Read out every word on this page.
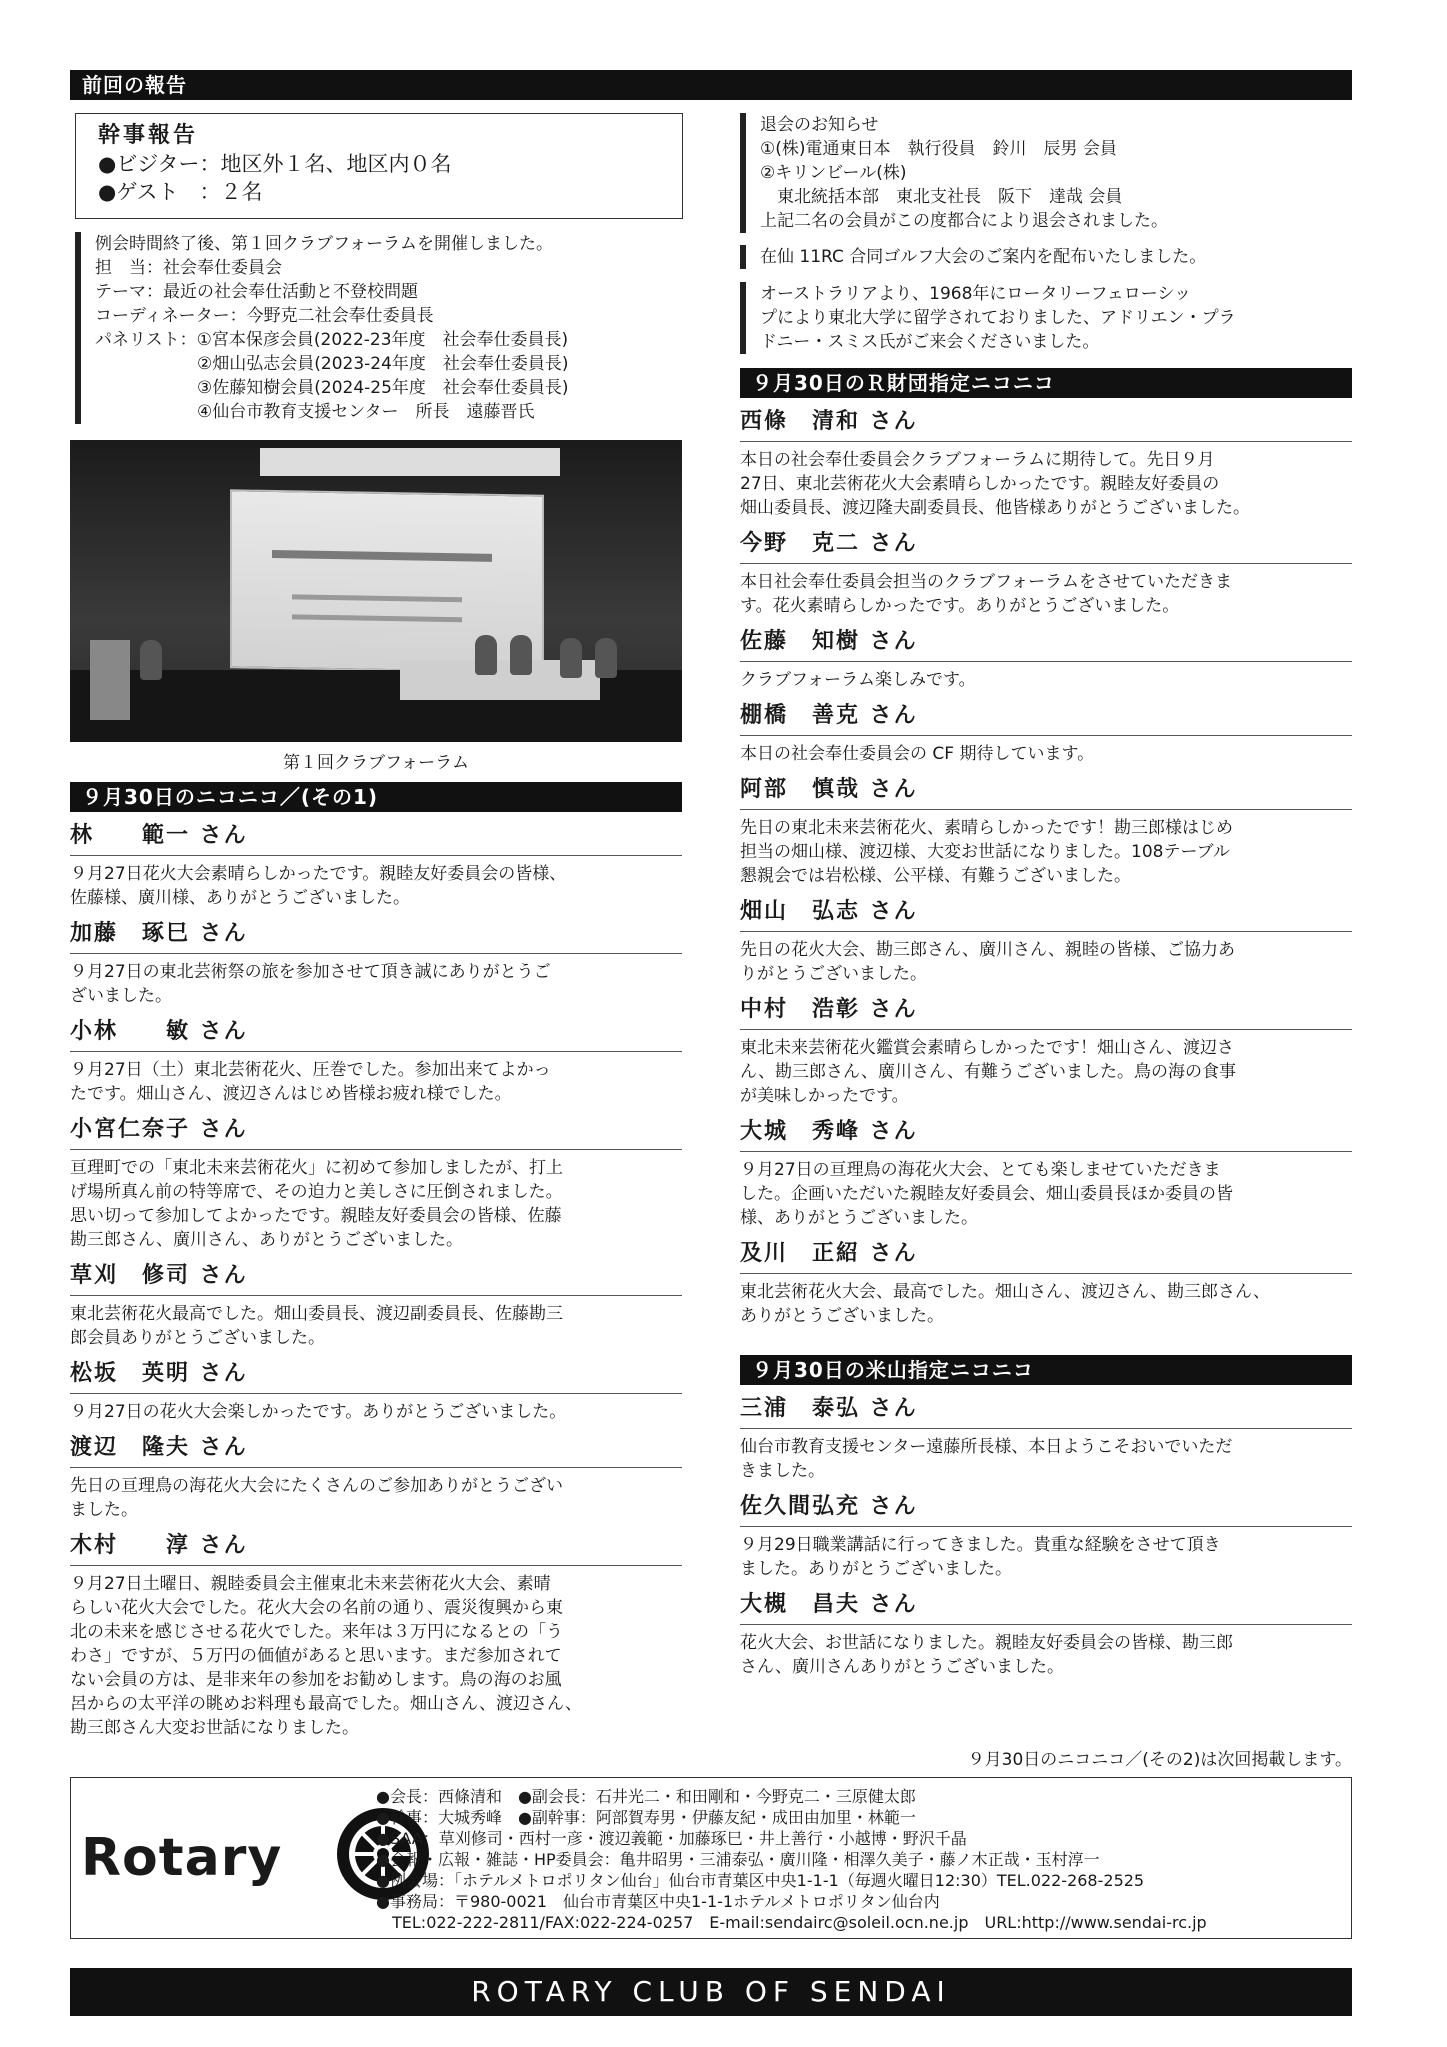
前回の報告
幹事報告
●ビジター：地区外１名、地区内０名
●ゲスト　：２名
例会時間終了後、第１回クラブフォーラムを開催しました。
担　当：社会奉仕委員会
テーマ：最近の社会奉仕活動と不登校問題
コーディネーター：今野克二社会奉仕委員長
パネリスト：①宮本保彦会員(2022-23年度　社会奉仕委員長)
　　　　　　②畑山弘志会員(2023-24年度　社会奉仕委員長)
　　　　　　③佐藤知樹会員(2024-25年度　社会奉仕委員長)
　　　　　　④仙台市教育支援センター　所長　遠藤晋氏
第１回クラブフォーラム
９月30日のニコニコ／(その1)
林　　範一 さん
９月27日花火大会素晴らしかったです。親睦友好委員会の皆様、
佐藤様、廣川様、ありがとうございました。
加藤　琢巳 さん
９月27日の東北芸術祭の旅を参加させて頂き誠にありがとうご
ざいました。
小林　　敏 さん
９月27日（土）東北芸術花火、圧巻でした。参加出来てよかっ
たです。畑山さん、渡辺さんはじめ皆様お疲れ様でした。
小宮仁奈子 さん
亘理町での「東北未来芸術花火」に初めて参加しましたが、打上
げ場所真ん前の特等席で、その迫力と美しさに圧倒されました。
思い切って参加してよかったです。親睦友好委員会の皆様、佐藤
勘三郎さん、廣川さん、ありがとうございました。
草刈　修司 さん
東北芸術花火最高でした。畑山委員長、渡辺副委員長、佐藤勘三
郎会員ありがとうございました。
松坂　英明 さん
９月27日の花火大会楽しかったです。ありがとうございました。
渡辺　隆夫 さん
先日の亘理鳥の海花火大会にたくさんのご参加ありがとうござい
ました。
木村　　淳 さん
９月27日土曜日、親睦委員会主催東北未来芸術花火大会、素晴
らしい花火大会でした。花火大会の名前の通り、震災復興から東
北の未来を感じさせる花火でした。来年は３万円になるとの「う
わさ」ですが、５万円の価値があると思います。まだ参加されて
ない会員の方は、是非来年の参加をお勧めします。鳥の海のお風
呂からの太平洋の眺めお料理も最高でした。畑山さん、渡辺さん、
勘三郎さん大変お世話になりました。
退会のお知らせ
①(株)電通東日本　執行役員　鈴川　辰男 会員
②キリンビール(株)
　東北統括本部　東北支社長　阪下　達哉 会員
上記二名の会員がこの度都合により退会されました。
在仙 11RC 合同ゴルフ大会のご案内を配布いたしました。
オーストラリアより、1968年にロータリーフェローシッ
プにより東北大学に留学されておりました、アドリエン・プラ
ドニー・スミス氏がご来会くださいました。
９月30日のＲ財団指定ニコニコ
西條　清和 さん
本日の社会奉仕委員会クラブフォーラムに期待して。先日９月
27日、東北芸術花火大会素晴らしかったです。親睦友好委員の
畑山委員長、渡辺隆夫副委員長、他皆様ありがとうございました。
今野　克二 さん
本日社会奉仕委員会担当のクラブフォーラムをさせていただきま
す。花火素晴らしかったです。ありがとうございました。
佐藤　知樹 さん
クラブフォーラム楽しみです。
棚橋　善克 さん
本日の社会奉仕委員会の CF 期待しています。
阿部　慎哉 さん
先日の東北未来芸術花火、素晴らしかったです！勘三郎様はじめ
担当の畑山様、渡辺様、大変お世話になりました。108テーブル
懇親会では岩松様、公平様、有難うございました。
畑山　弘志 さん
先日の花火大会、勘三郎さん、廣川さん、親睦の皆様、ご協力あ
りがとうございました。
中村　浩彰 さん
東北未来芸術花火鑑賞会素晴らしかったです！畑山さん、渡辺さ
ん、勘三郎さん、廣川さん、有難うございました。鳥の海の食事
が美味しかったです。
大城　秀峰 さん
９月27日の亘理鳥の海花火大会、とても楽しませていただきま
した。企画いただいた親睦友好委員会、畑山委員長ほか委員の皆
様、ありがとうございました。
及川　正紹 さん
東北芸術花火大会、最高でした。畑山さん、渡辺さん、勘三郎さん、
ありがとうございました。
９月30日の米山指定ニコニコ
三浦　泰弘 さん
仙台市教育支援センター遠藤所長様、本日ようこそおいでいただ
きました。
佐久間弘充 さん
９月29日職業講話に行ってきました。貴重な経験をさせて頂き
ました。ありがとうございました。
大槻　昌夫 さん
花火大会、お世話になりました。親睦友好委員会の皆様、勘三郎
さん、廣川さんありがとうございました。
９月30日のニコニコ／(その2)は次回掲載します。
Rotary
●会長：西條清和　●副会長：石井光二・和田剛和・今野克二・三原健太郎
●幹事：大城秀峰　●副幹事：阿部賀寿男・伊藤友紀・成田由加里・林範一
●SAA：草刈修司・西村一彦・渡辺義範・加藤琢巳・井上善行・小越博・野沢千晶
●会報・広報・雑誌・HP委員会：亀井昭男・三浦泰弘・廣川隆・相澤久美子・藤ノ木正哉・玉村淳一
●例会場：「ホテルメトロポリタン仙台」仙台市青葉区中央1-1-1（毎週火曜日12:30）TEL.022-268-2525
●事務局：〒980-0021　仙台市青葉区中央1-1-1ホテルメトロポリタン仙台内
　TEL:022-222-2811/FAX:022-224-0257　E-mail:sendairc@soleil.ocn.ne.jp　URL:http://www.sendai-rc.jp
ROTARY CLUB OF SENDAI
